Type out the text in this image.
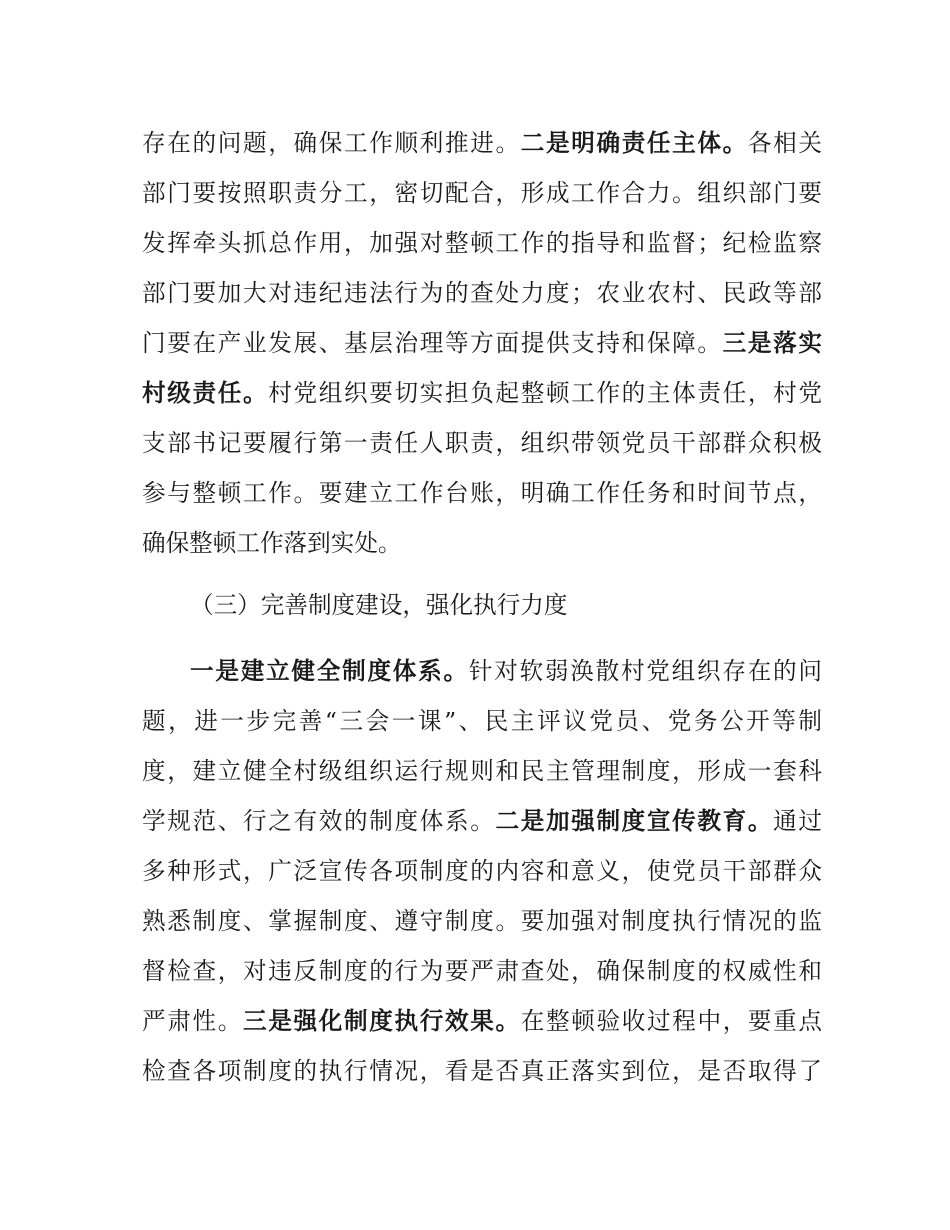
存在的问题，确保工作顺利推进。二是明确责任主体。各相关
部门要按照职责分工，密切配合，形成工作合力。组织部门要
发挥牵头抓总作用，加强对整顿工作的指导和监督；纪检监察
部门要加大对违纪违法行为的查处力度；农业农村、民政等部
门要在产业发展、基层治理等方面提供支持和保障。三是落实
村级责任。村党组织要切实担负起整顿工作的主体责任，村党
支部书记要履行第一责任人职责，组织带领党员干部群众积极
参与整顿工作。要建立工作台账，明确工作任务和时间节点，
确保整顿工作落到实处。
（三）完善制度建设，强化执行力度
一是建立健全制度体系。针对软弱涣散村党组织存在的问
题，进一步完善“三会一课”、民主评议党员、党务公开等制
度，建立健全村级组织运行规则和民主管理制度，形成一套科
学规范、行之有效的制度体系。二是加强制度宣传教育。通过
多种形式，广泛宣传各项制度的内容和意义，使党员干部群众
熟悉制度、掌握制度、遵守制度。要加强对制度执行情况的监
督检查，对违反制度的行为要严肃查处，确保制度的权威性和
严肃性。三是强化制度执行效果。在整顿验收过程中，要重点
检查各项制度的执行情况，看是否真正落实到位，是否取得了
